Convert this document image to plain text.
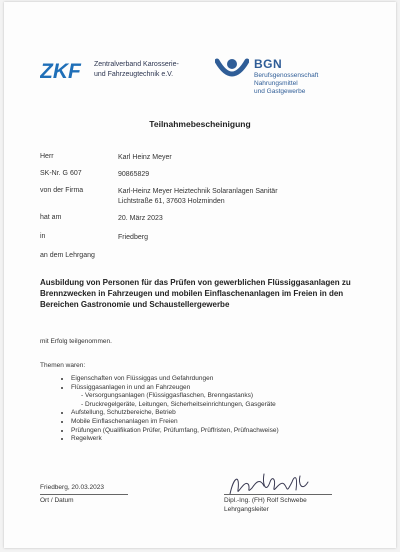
ZKF Zentralverband Karosserie-
und Fahrzeugtechnik e.V.
BGN
Berufsgenossenschaft
Nahrungsmittel
und Gastgewerbe
Teilnahmebescheinigung
Herr	Karl Heinz Meyer
SK-Nr. G 607	90865829
von der Firma	Karl-Heinz Meyer Heiztechnik Solaranlagen Sanitär
Lichtstraße 61, 37603 Holzminden
hat am	20. März 2023
in	Friedberg
an dem Lehrgang
Ausbildung von Personen für das Prüfen von gewerblichen Flüssiggasanlagen zu Brennzwecken in Fahrzeugen und mobilen Einflaschenanlagen im Freien in den Bereichen Gastronomie und Schaustellergewerbe
mit Erfolg teilgenommen.
Themen waren:
• Eigenschaften von Flüssiggas und Gefahrdungen
• Flüssiggasanlagen in und an Fahrzeugen
- Versorgungsanlagen (Flüssiggasflaschen, Brenngastanks)
- Druckregelgeräte, Leitungen, Sicherheitseinrichtungen, Gasgeräte
• Aufstellung, Schutzbereiche, Betrieb
• Mobile Einflaschenanlagen im Freien
• Prüfungen (Qualifikation Prüfer, Prüfumfang, Prüffristen, Prüfnachweise)
• Regelwerk
Friedberg, 20.03.2023
Ort / Datum	Dipl.-Ing. (FH) Rolf Schwebe
Lehrgangsleiter
